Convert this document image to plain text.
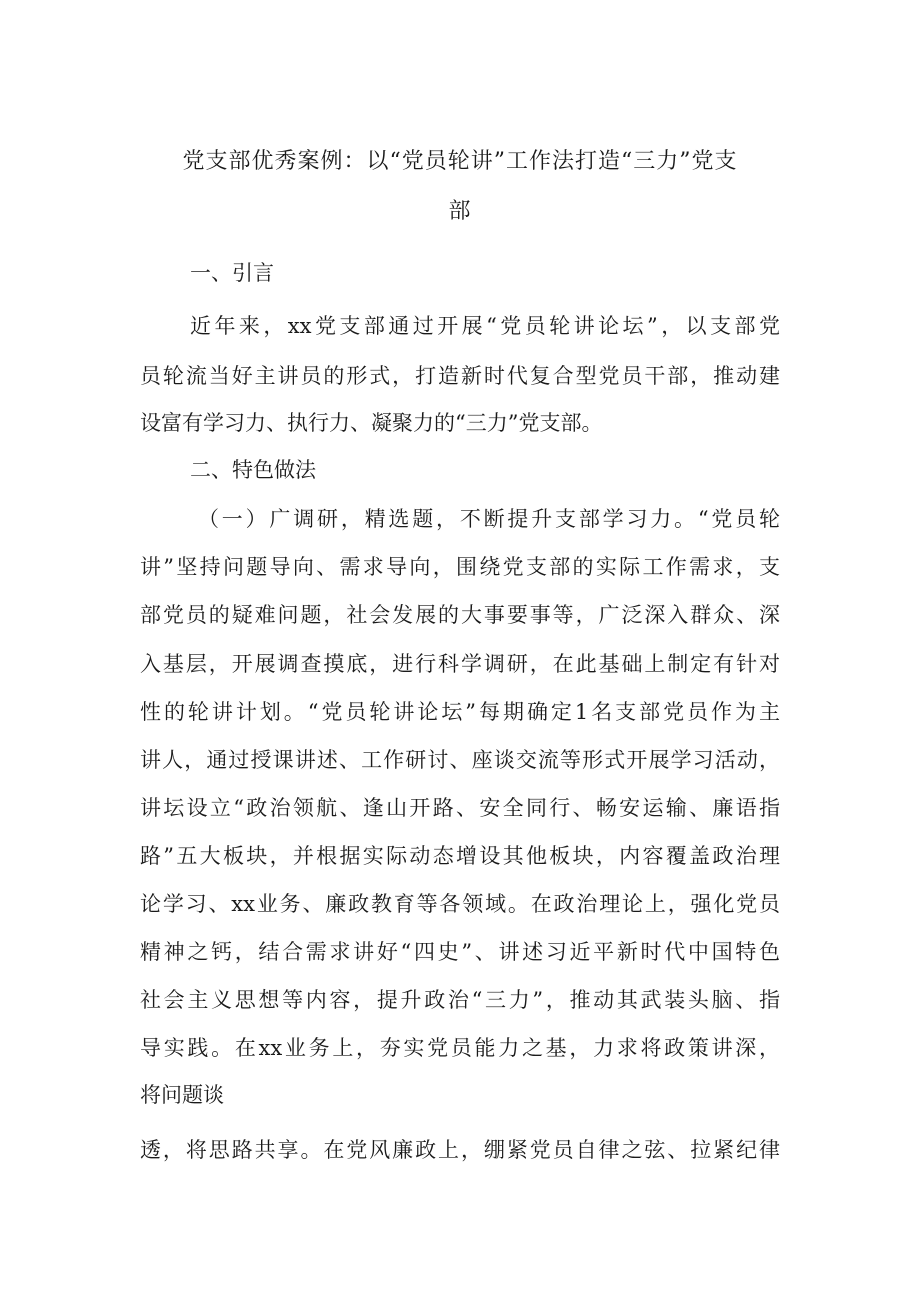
党支部优秀案例：以“党员轮讲”工作法打造“三力”党支
部
一、引言
近年来，xx党支部通过开展“党员轮讲论坛”，以支部党
员轮流当好主讲员的形式，打造新时代复合型党员干部，推动建
设富有学习力、执行力、凝聚力的“三力”党支部。
二、特色做法
（一）广调研，精选题，不断提升支部学习力。“党员轮
讲”坚持问题导向、需求导向，围绕党支部的实际工作需求，支
部党员的疑难问题，社会发展的大事要事等，广泛深入群众、深
入基层，开展调查摸底，进行科学调研，在此基础上制定有针对
性的轮讲计划。“党员轮讲论坛”每期确定1名支部党员作为主
讲人，通过授课讲述、工作研讨、座谈交流等形式开展学习活动，
讲坛设立“政治领航、逢山开路、安全同行、畅安运输、廉语指
路”五大板块，并根据实际动态增设其他板块，内容覆盖政治理
论学习、xx业务、廉政教育等各领域。在政治理论上，强化党员
精神之钙，结合需求讲好“四史”、讲述习近平新时代中国特色
社会主义思想等内容，提升政治“三力”，推动其武装头脑、指
导实践。在xx业务上，夯实党员能力之基，力求将政策讲深，
将问题谈
透，将思路共享。在党风廉政上，绷紧党员自律之弦、拉紧纪律
